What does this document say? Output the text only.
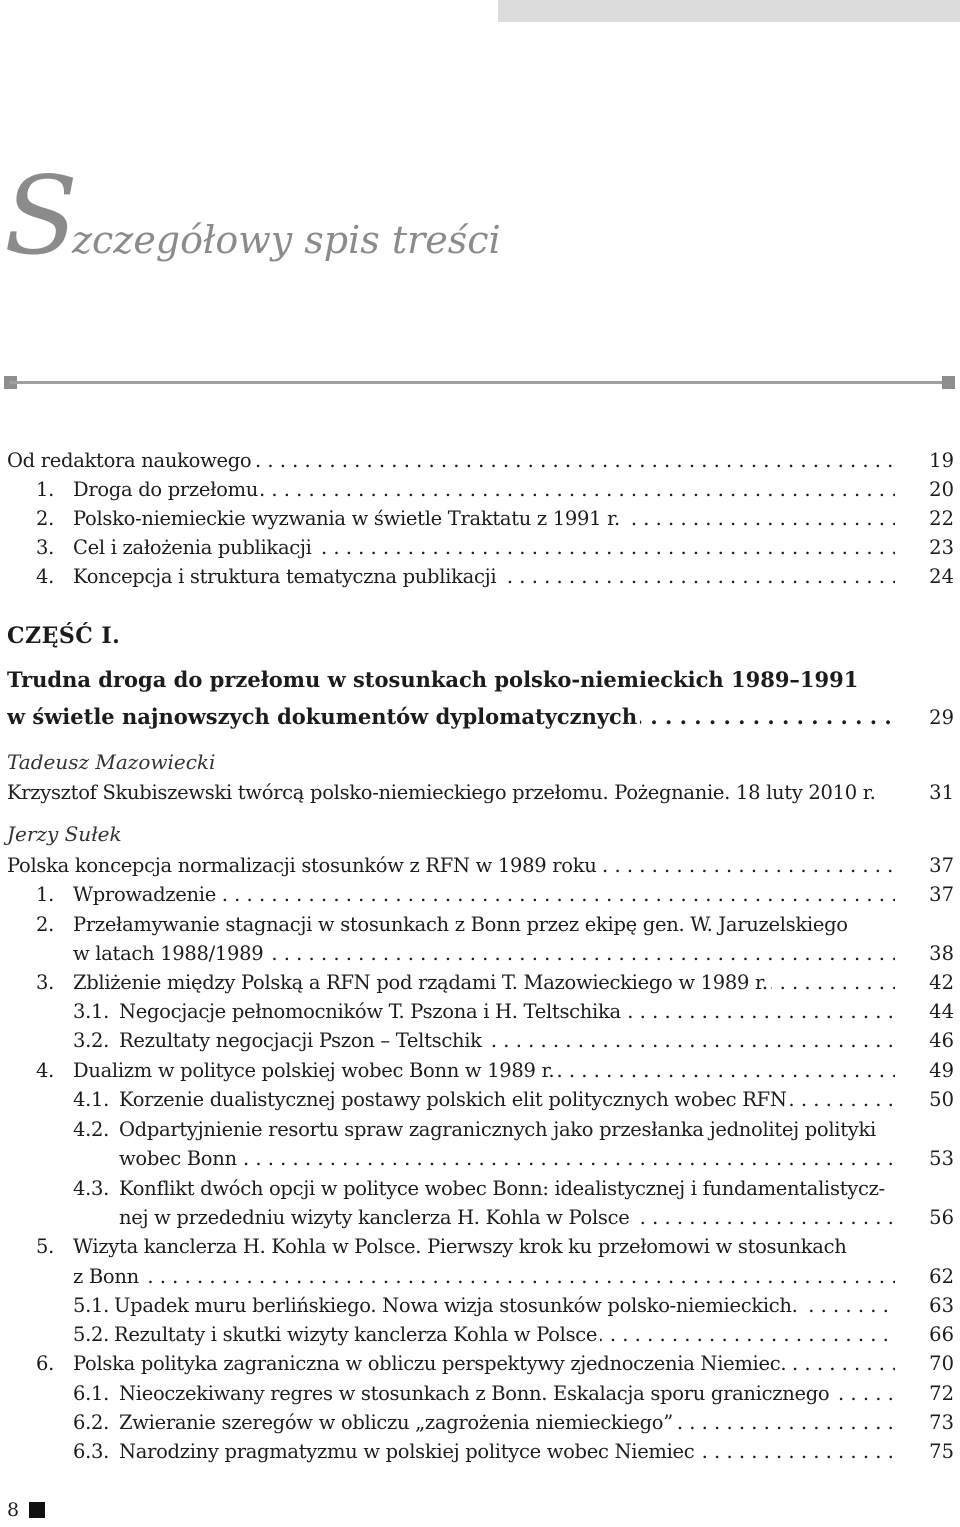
Szczegółowy spis treści
Od redaktora naukowego . . .	19
1. Droga do przełomu . . .	20
2. Polsko-niemieckie wyzwania w świetle Traktatu z 1991 r. . . .	22
3. Cel i założenia publikacji . . .	23
4. Koncepcja i struktura tematyczna publikacji . . .	24
CZĘŚĆ I.
Trudna droga do przełomu w stosunkach polsko-niemieckich 1989–1991
w świetle najnowszych dokumentów dyplomatycznych . . .	29
Tadeusz Mazowiecki
Krzysztof Skubiszewski twórcą polsko-niemieckiego przełomu. Pożegnanie. 18 luty 2010 r.	31
Jerzy Sułek
Polska koncepcja normalizacji stosunków z RFN w 1989 roku . . .	37
1. Wprowadzenie . . .	37
2. Przełamywanie stagnacji w stosunkach z Bonn przez ekipę gen. W. Jaruzelskiego
w latach 1988/1989 . . .	38
3. Zbliżenie między Polską a RFN pod rządami T. Mazowieckiego w 1989 r. . . .	42
3.1. Negocjacje pełnomocników T. Pszona i H. Teltschika . . .	44
3.2. Rezultaty negocjacji Pszon – Teltschik . . .	46
4. Dualizm w polityce polskiej wobec Bonn w 1989 r. . . .	49
4.1. Korzenie dualistycznej postawy polskich elit politycznych wobec RFN . . .	50
4.2. Odpartyjnienie resortu spraw zagranicznych jako przesłanka jednolitej polityki
wobec Bonn . . .	53
4.3. Konflikt dwóch opcji w polityce wobec Bonn: idealistycznej i fundamentalistycz-
nej w przededniu wizyty kanclerza H. Kohla w Polsce . . .	56
5. Wizyta kanclerza H. Kohla w Polsce. Pierwszy krok ku przełomowi w stosunkach
z Bonn . . .	62
5.1. Upadek muru berlińskiego. Nowa wizja stosunków polsko-niemieckich. . . .	63
5.2. Rezultaty i skutki wizyty kanclerza Kohla w Polsce . . .	66
6. Polska polityka zagraniczna w obliczu perspektywy zjednoczenia Niemiec. . . .	70
6.1. Nieoczekiwany regres w stosunkach z Bonn. Eskalacja sporu granicznego . . .	72
6.2. Zwieranie szeregów w obliczu „zagrożenia niemieckiego” . . .	73
6.3. Narodziny pragmatyzmu w polskiej polityce wobec Niemiec . . .	75
8
